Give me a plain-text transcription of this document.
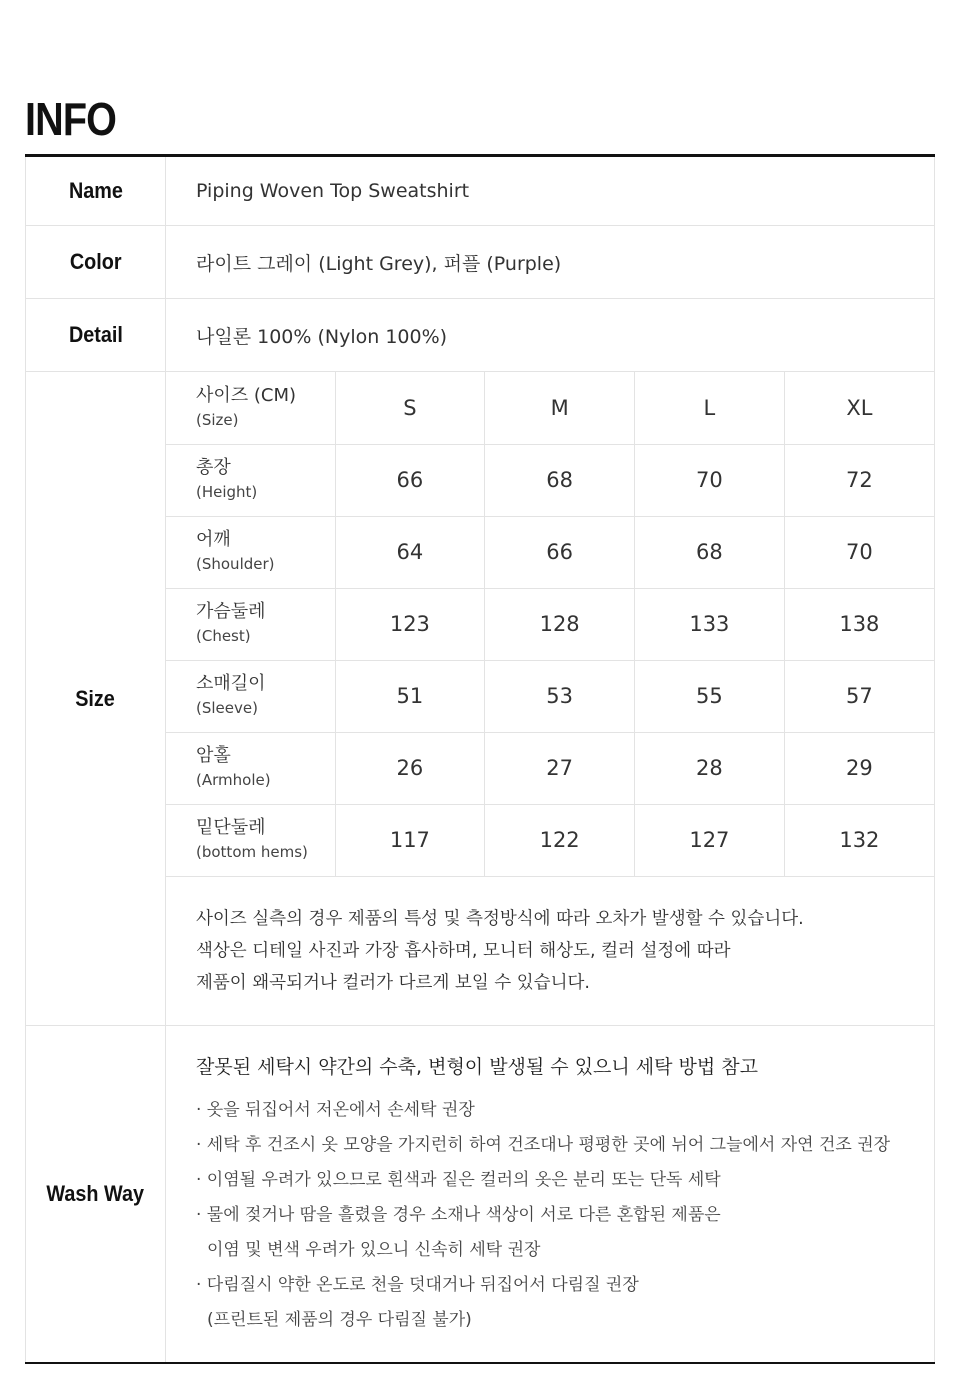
INFO
Name	Piping Woven Top Sweatshirt
Color	라이트 그레이 (Light Grey), 퍼플 (Purple)
Detail	나일론 100% (Nylon 100%)
Size	
사이즈 (CM)
(Size)	S	M	L	XL

총장
(Height)	66	68	70	72

어깨
(Shoulder)	64	66	68	70

가슴둘레
(Chest)	123	128	133	138

소매길이
(Sleeve)	51	53	55	57

암홀
(Armhole)	26	27	28	29

밑단둘레
(bottom hems)	117	122	127	132

사이즈 실측의 경우 제품의 특성 및 측정방식에 따라 오차가 발생할 수 있습니다.

색상은 디테일 사진과 가장 흡사하며, 모니터 해상도, 컬러 설정에 따라

제품이 왜곡되거나 컬러가 다르게 보일 수 있습니다.

Wash Way	
잘못된 세탁시 약간의 수축, 변형이 발생될 수 있으니 세탁 방법 참고
· 옷을 뒤집어서 저온에서 손세탁 권장
· 세탁 후 건조시 옷 모양을 가지런히 하여 건조대나 평평한 곳에 뉘어 그늘에서 자연 건조 권장
· 이염될 우려가 있으므로 흰색과 짙은 컬러의 옷은 분리 또는 단독 세탁
· 물에 젖거나 땀을 흘렸을 경우 소재나 색상이 서로 다른 혼합된 제품은
이염 및 변색 우려가 있으니 신속히 세탁 권장
· 다림질시 약한 온도로 천을 덧대거나 뒤집어서 다림질 권장
(프린트된 제품의 경우 다림질 불가)
